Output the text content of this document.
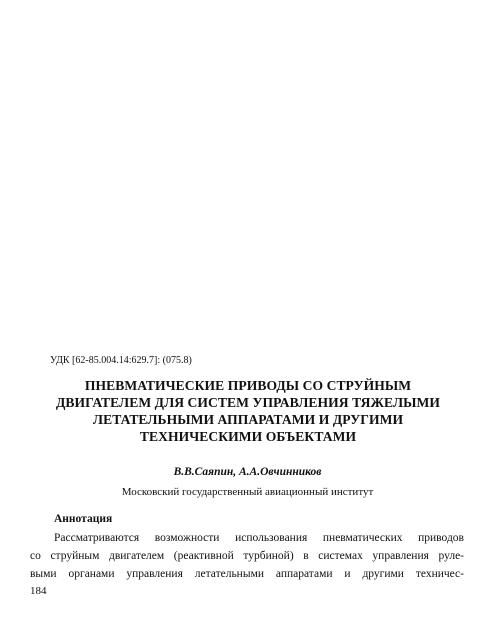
УДК [62-85.004.14:629.7]: (075.8)
ПНЕВМАТИЧЕСКИЕ ПРИВОДЫ СО СТРУЙНЫМ
ДВИГАТЕЛЕМ ДЛЯ СИСТЕМ УПРАВЛЕНИЯ ТЯЖЕЛЫМИ
ЛЕТАТЕЛЬНЫМИ АППАРАТАМИ И ДРУГИМИ
ТЕХНИЧЕСКИМИ ОБЪЕКТАМИ
В.В.Саяпин, А.А.Овчинников
Московский государственный авиационный институт
Аннотация
Рассматриваются возможности использования пневматических приводов
со струйным двигателем (реактивной турбиной) в системах управления руле-
выми органами управления летательными аппаратами и другими техничес-
184
